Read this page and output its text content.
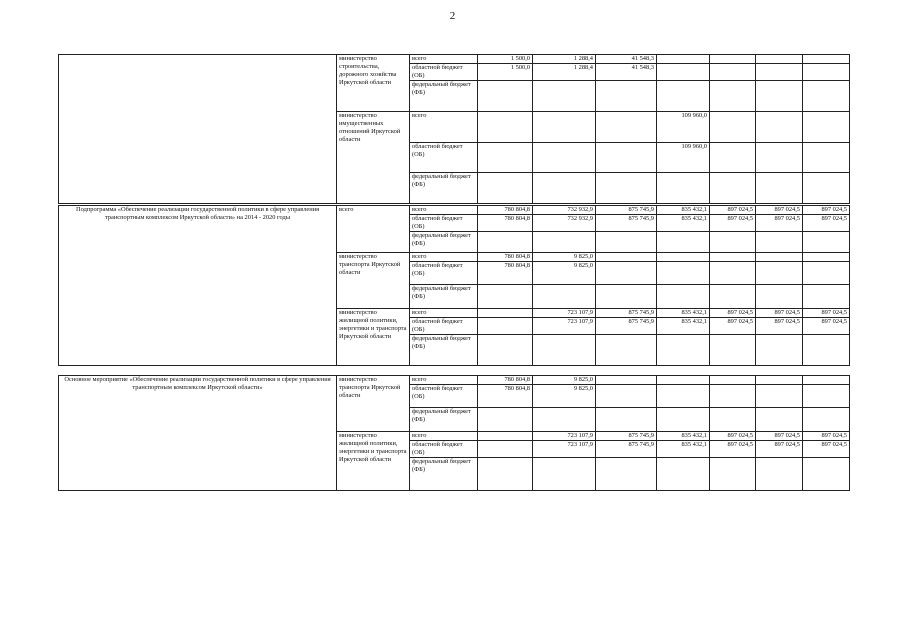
2
	министерство строительства, дорожного хозяйства Иркутской области	всего	1 500,0	1 288,4	41 548,3				
		областной бюджет (ОБ)	1 500,0	1 288,4	41 548,3				
		федеральный бюджет (ФБ)							
	министерство имущественных отношений Иркутской области	всего				109 960,0			
		областной бюджет (ОБ)				109 960,0			
		федеральный бюджет (ФБ)							
Подпрограмма «Обеспечение реализации государственной политики в сфере управления транспортным комплексом Иркутской области» на 2014 - 2020 годы	всего	всего	780 804,8	732 932,9	875 745,9	835 432,1	897 024,5	897 024,5	897 024,5
		областной бюджет (ОБ)	780 804,8	732 932,9	875 745,9	835 432,1	897 024,5	897 024,5	897 024,5
		федеральный бюджет (ФБ)							
	министерство транспорта Иркутской области	всего	780 804,8	9 825,0					
		областной бюджет (ОБ)	780 804,8	9 825,0					
		федеральный бюджет (ФБ)							
	министерство жилищной политики, энергетики и транспорта Иркутской области	всего		723 107,9	875 745,9	835 432,1	897 024,5	897 024,5	897 024,5
		областной бюджет (ОБ)		723 107,9	875 745,9	835 432,1	897 024,5	897 024,5	897 024,5
		федеральный бюджет (ФБ)							
Основное мероприятие «Обеспечение реализации государственной политики в сфере управления транспортным комплексом Иркутской области»	министерство транспорта Иркутской области	всего	780 804,8	9 825,0					
		областной бюджет (ОБ)	780 804,8	9 825,0					
		федеральный бюджет (ФБ)							
	министерство жилищной политики, энергетики и транспорта Иркутской области	всего		723 107,9	875 745,9	835 432,1	897 024,5	897 024,5	897 024,5
		областной бюджет (ОБ)		723 107,9	875 745,9	835 432,1	897 024,5	897 024,5	897 024,5
		федеральный бюджет (ФБ)							
